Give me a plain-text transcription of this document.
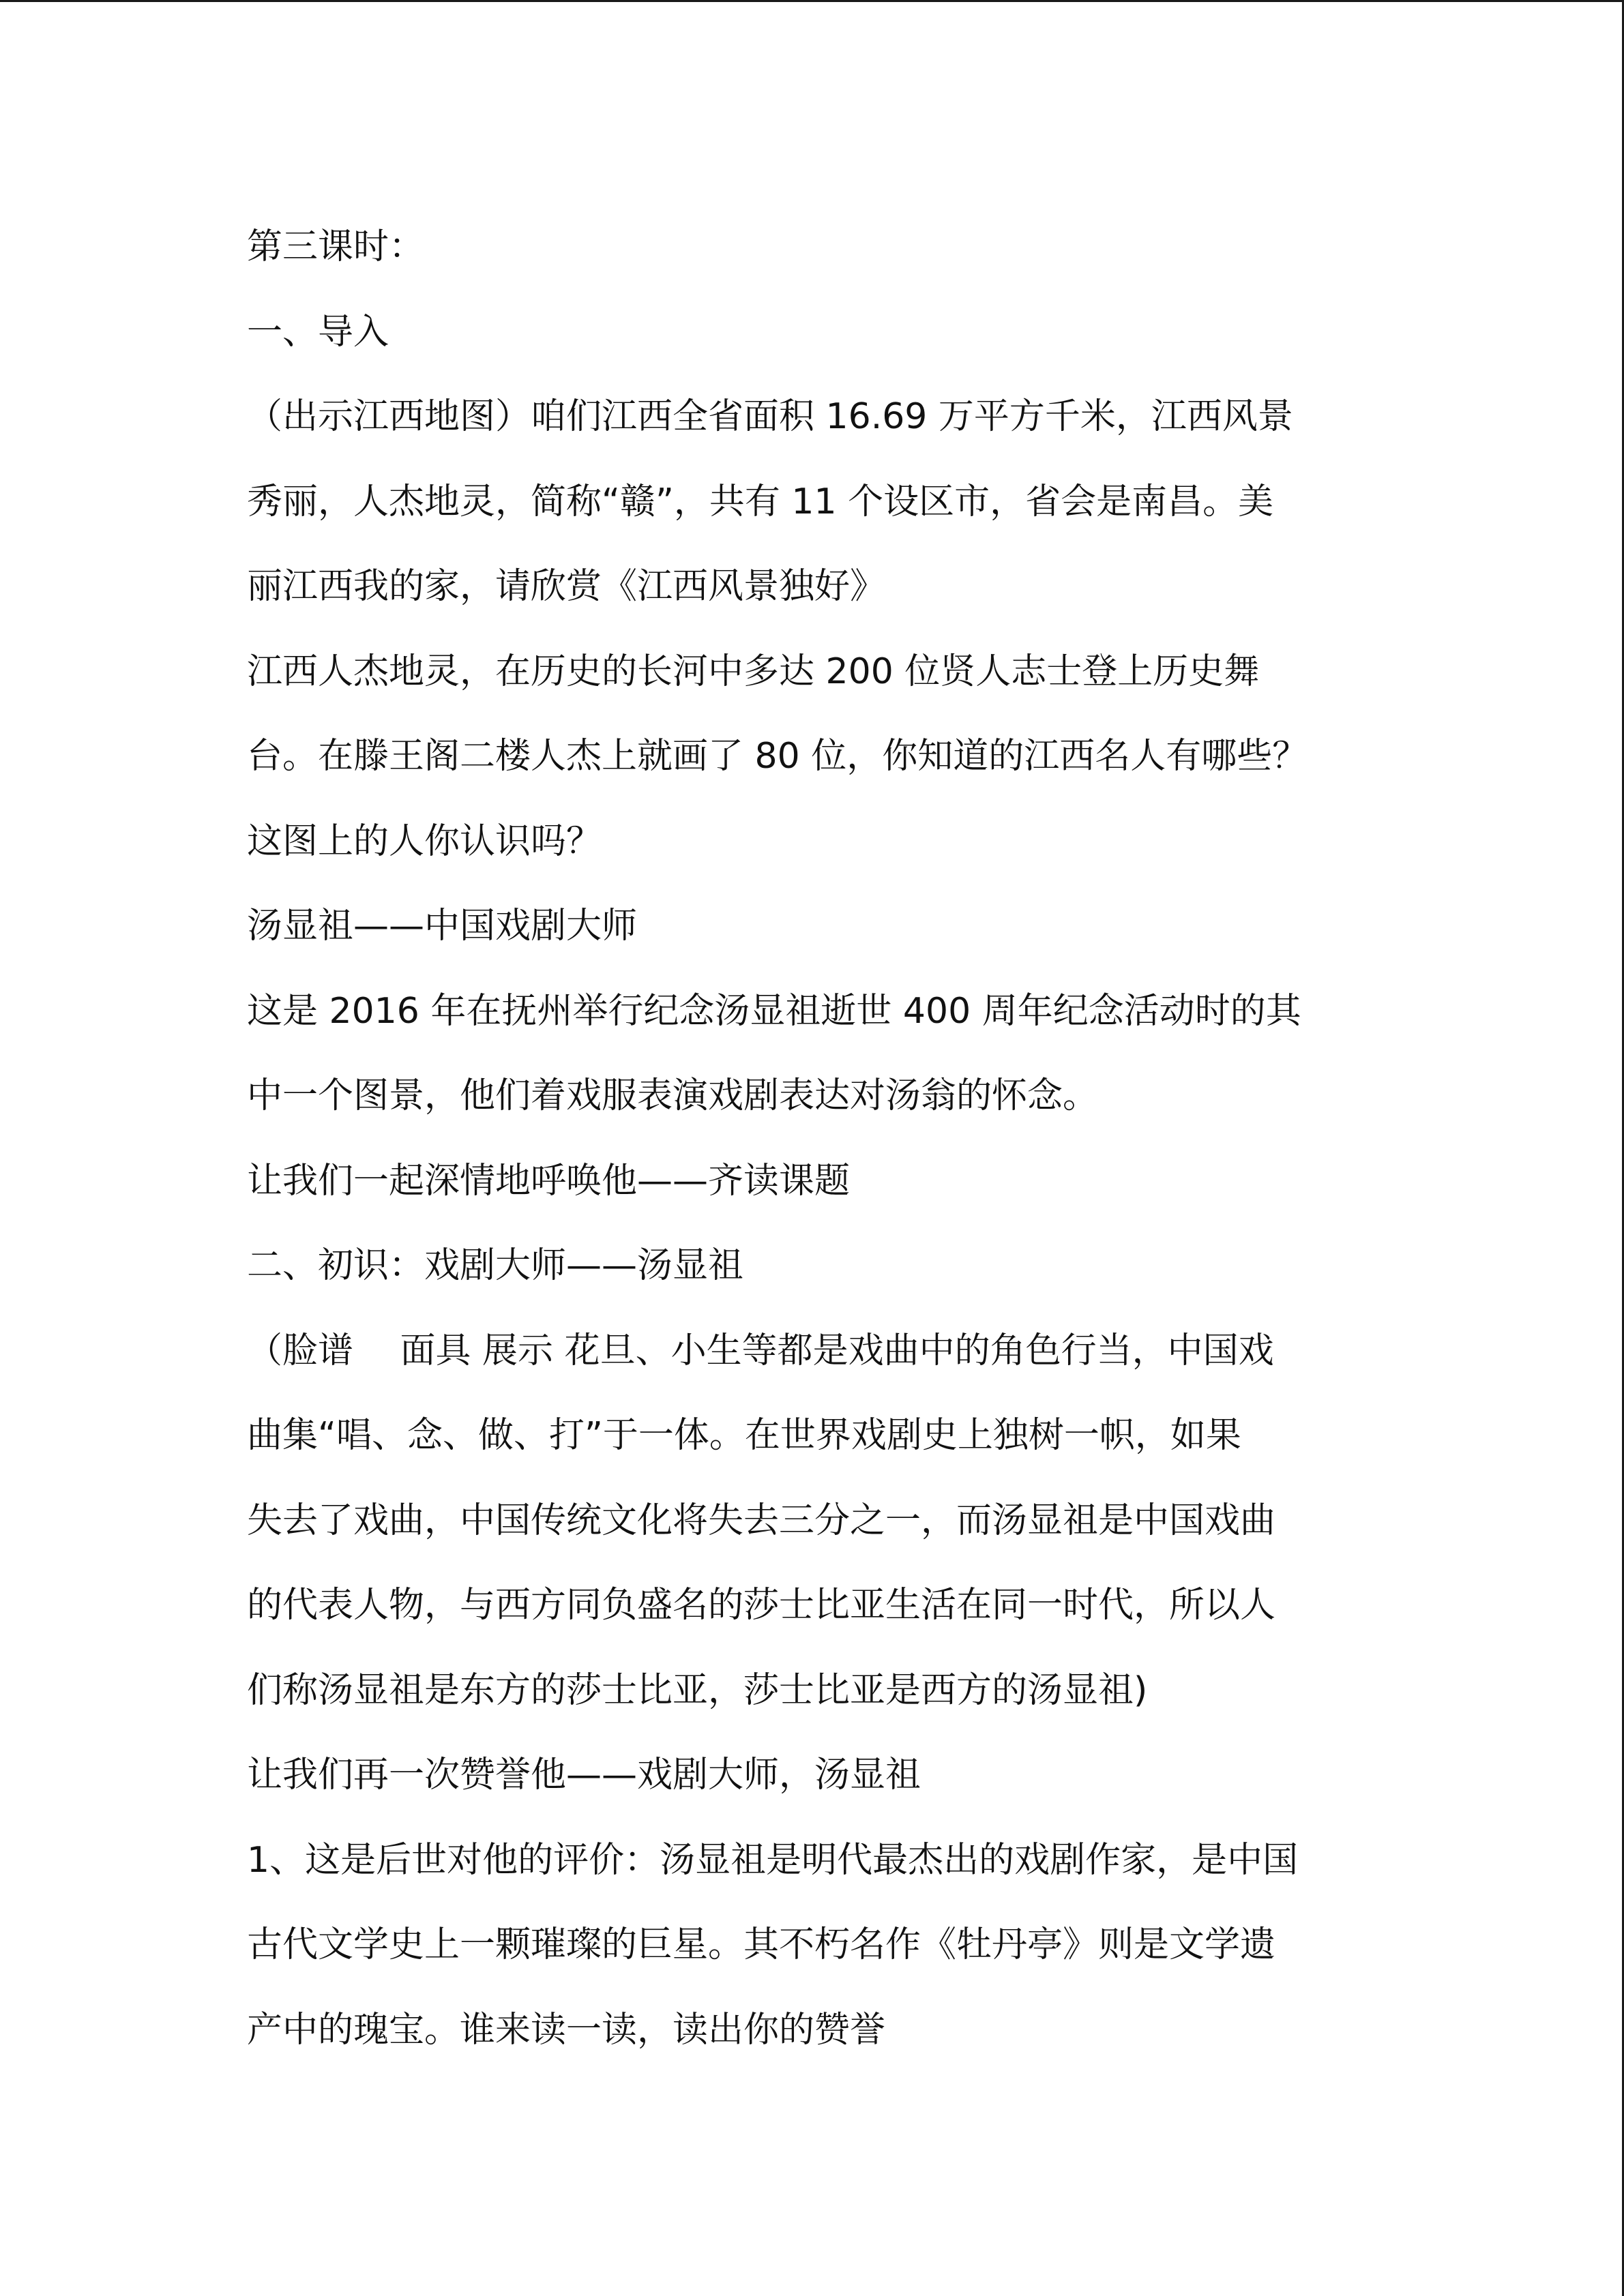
第三课时：
一、导入
（出示江西地图）咱们江西全省面积 16.69 万平方千米，江西风景
秀丽，人杰地灵，简称“赣”，共有 11 个设区市，省会是南昌。美
丽江西我的家，请欣赏《江西风景独好》
江西人杰地灵，在历史的长河中多达 200 位贤人志士登上历史舞
台。在滕王阁二楼人杰上就画了 80 位，你知道的江西名人有哪些？
这图上的人你认识吗？
汤显祖——中国戏剧大师
这是 2016 年在抚州举行纪念汤显祖逝世 400 周年纪念活动时的其
中一个图景，他们着戏服表演戏剧表达对汤翁的怀念。
让我们一起深情地呼唤他——齐读课题
二、初识：戏剧大师——汤显祖
（脸谱　 面具 展示 花旦、小生等都是戏曲中的角色行当，中国戏
曲集“唱、念、做、打”于一体。在世界戏剧史上独树一帜，如果
失去了戏曲，中国传统文化将失去三分之一，而汤显祖是中国戏曲
的代表人物，与西方同负盛名的莎士比亚生活在同一时代，所以人
们称汤显祖是东方的莎士比亚，莎士比亚是西方的汤显祖)
让我们再一次赞誉他——戏剧大师，汤显祖
1、这是后世对他的评价：汤显祖是明代最杰出的戏剧作家，是中国
古代文学史上一颗璀璨的巨星。其不朽名作《牡丹亭》则是文学遗
产中的瑰宝。谁来读一读，读出你的赞誉
